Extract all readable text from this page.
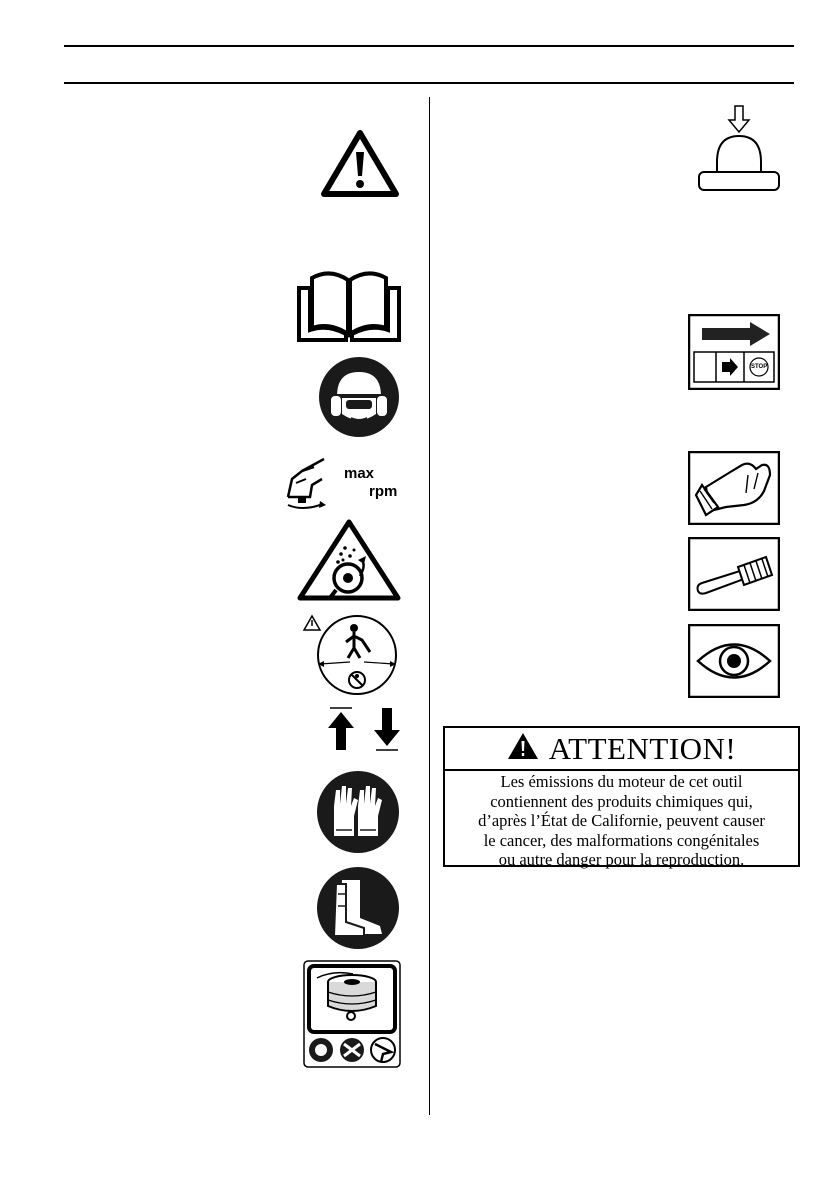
max
rpm
STOP
ATTENTION!
Les émissions du moteur de cet outil
contiennent des produits chimiques qui,
d’après l’État de Californie, peuvent causer
le cancer, des malformations congénitales
ou autre danger pour la reproduction.
